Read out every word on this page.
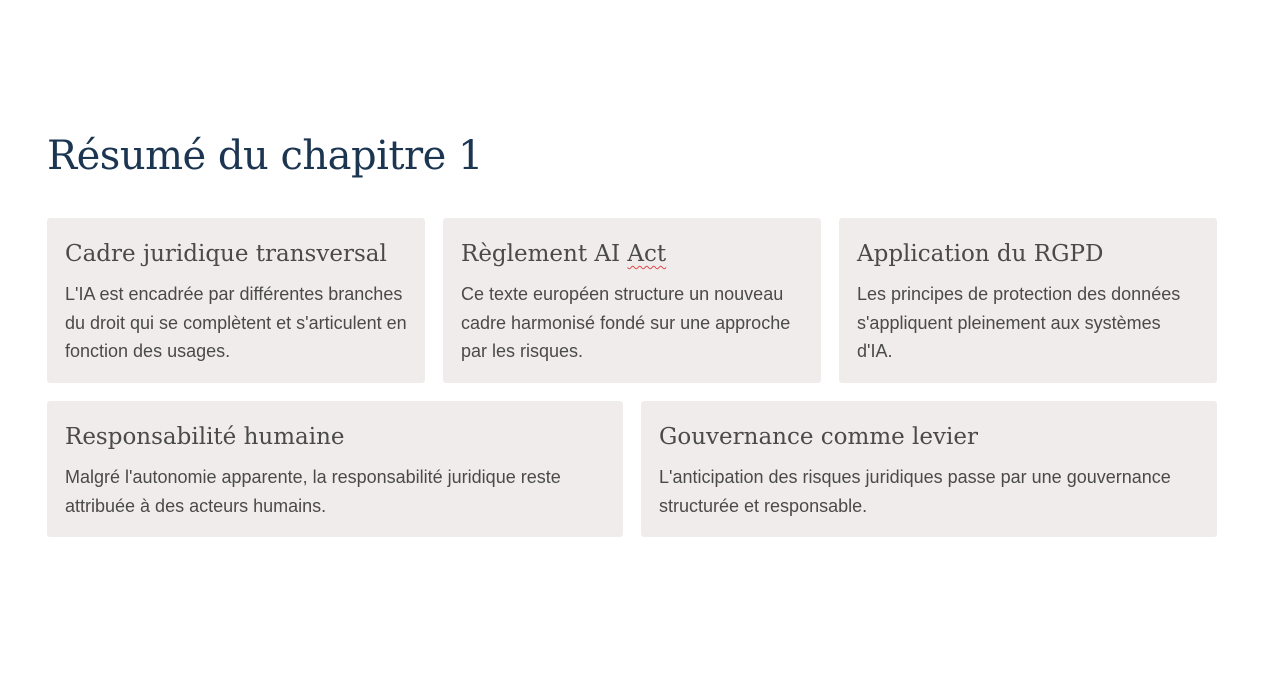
Résumé du chapitre 1
Cadre juridique transversal

L'IA est encadrée par différentes branches du droit qui se complètent et s'articulent en fonction des usages.

Règlement AI Act

Ce texte européen structure un nouveau cadre harmonisé fondé sur une approche par les risques.

Application du RGPD

Les principes de protection des données s'appliquent pleinement aux systèmes d'IA.

Responsabilité humaine

Malgré l'autonomie apparente, la responsabilité juridique reste attribuée à des acteurs humains.

Gouvernance comme levier

L'anticipation des risques juridiques passe par une gouvernance structurée et responsable.
